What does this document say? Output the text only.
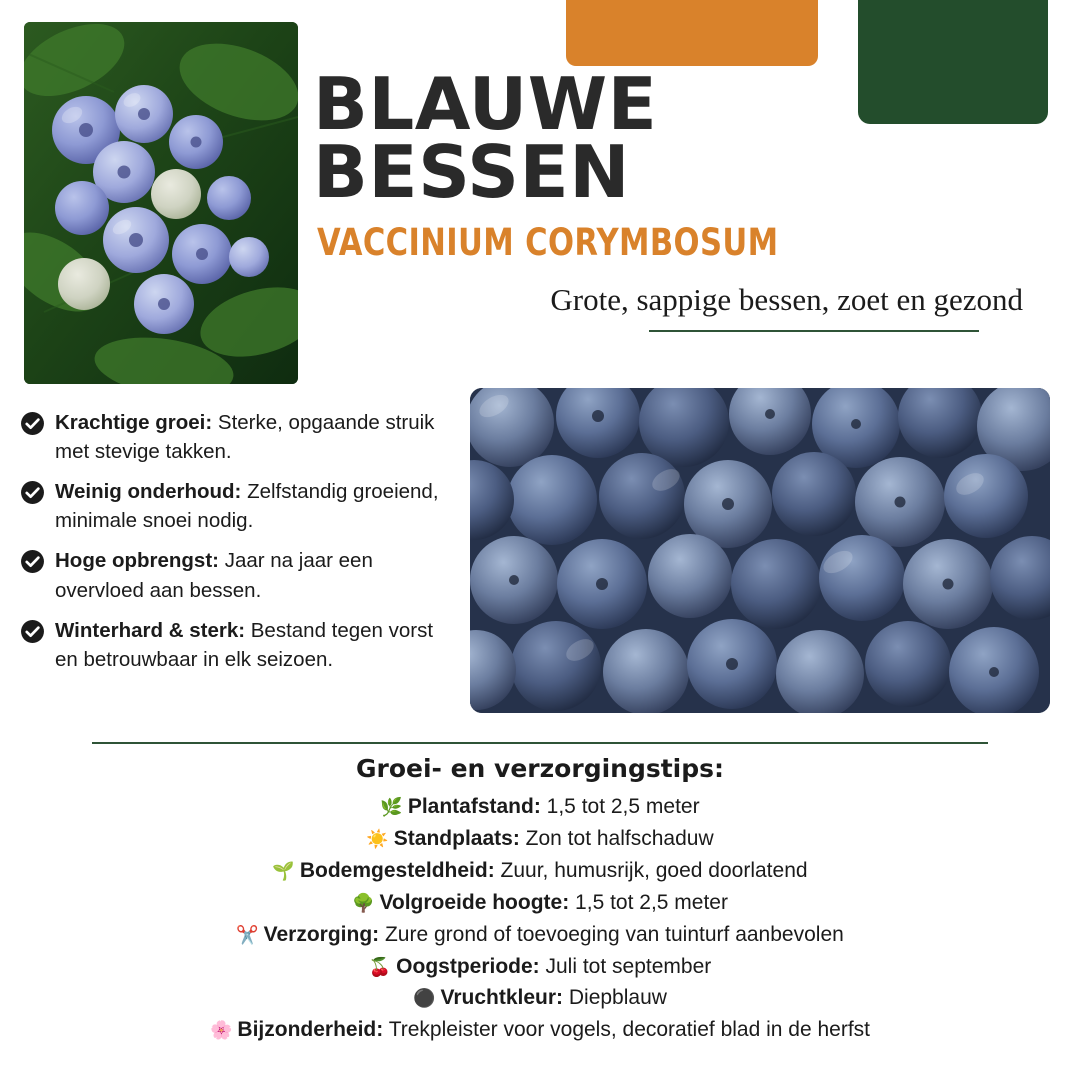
BLAUWE
BESSEN
VACCINIUM CORYMBOSUM
Grote, sappige bessen, zoet en gezond
Krachtige groei: Sterke, opgaande struik met stevige takken.
Weinig onderhoud: Zelfstandig groeiend, minimale snoei nodig.
Hoge opbrengst: Jaar na jaar een overvloed aan bessen.
Winterhard & sterk: Bestand tegen vorst en betrouwbaar in elk seizoen.
Groei- en verzorgingstips:
🌿 Plantafstand: 1,5 tot 2,5 meter
☀️ Standplaats: Zon tot halfschaduw
🌱 Bodemgesteldheid: Zuur, humusrijk, goed doorlatend
🌳 Volgroeide hoogte: 1,5 tot 2,5 meter
✂️ Verzorging: Zure grond of toevoeging van tuinturf aanbevolen
🍒 Oogstperiode: Juli tot september
⚫ Vruchtkleur: Diepblauw
🌸 Bijzonderheid: Trekpleister voor vogels, decoratief blad in de herfst
